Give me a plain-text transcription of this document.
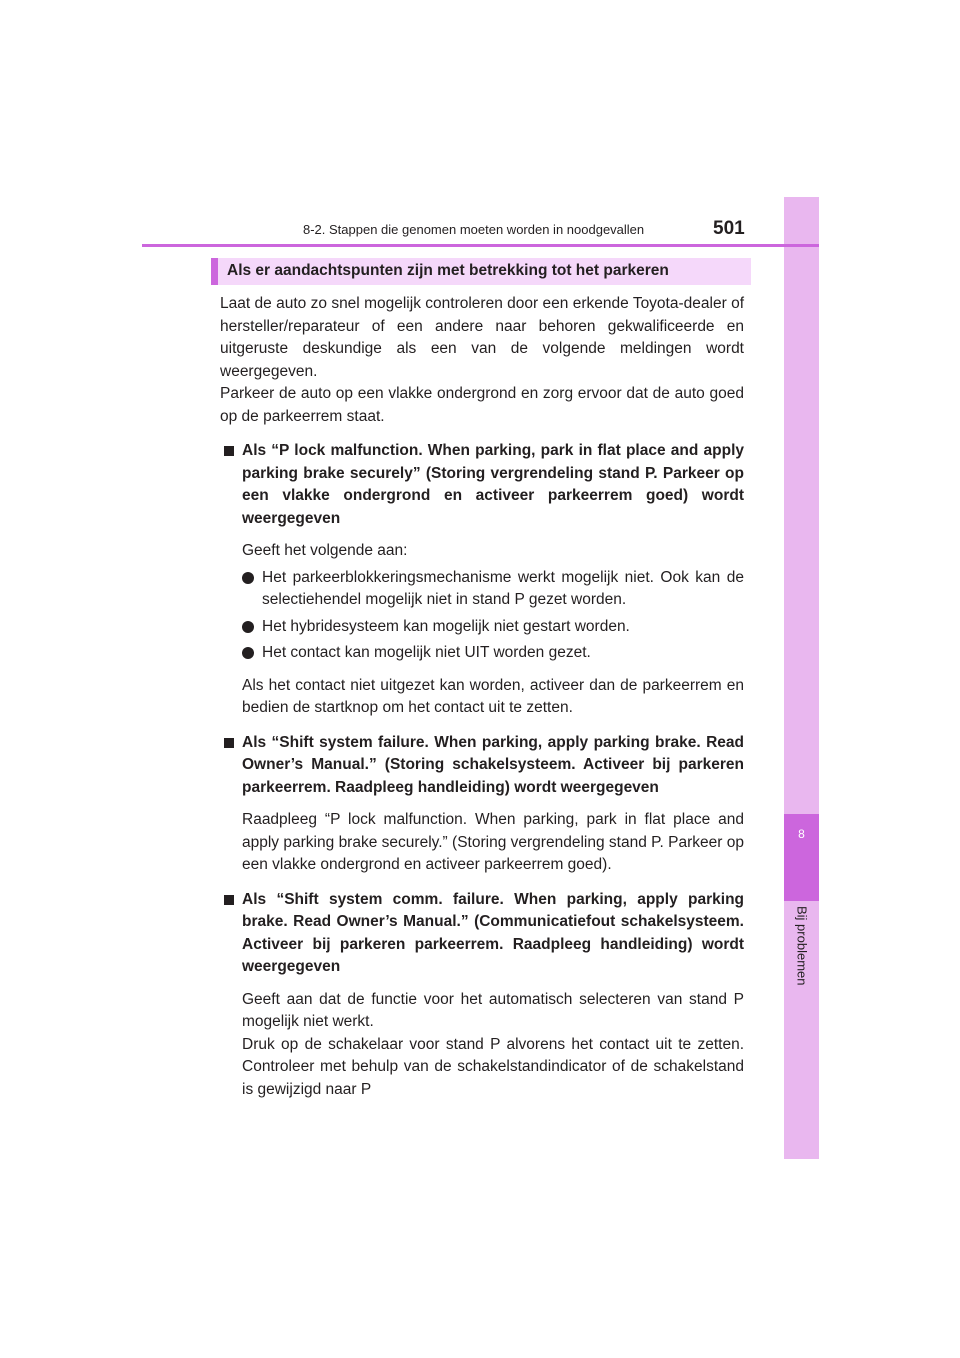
8
Bij problemen
8-2. Stappen die genomen moeten worden in noodgevallen	501
Als er aandachtspunten zijn met betrekking tot het parkeren

Laat de auto zo snel mogelijk controleren door een erkende Toyota-dealer of hersteller/reparateur of een andere naar behoren gekwalificeerde en uitgeruste deskundige als een van de volgende meldingen wordt weergegeven.

Parkeer de auto op een vlakke ondergrond en zorg ervoor dat de auto goed op de parkeerrem staat.

Als “P lock malfunction. When parking, park in flat place and apply parking brake securely” (Storing vergrendeling stand P. Parkeer op een vlakke ondergrond en activeer parkeerrem goed) wordt weergegeven

Geeft het volgende aan:

Het parkeerblokkeringsmechanisme werkt mogelijk niet. Ook kan de selectiehendel mogelijk niet in stand P gezet worden.

Het hybridesysteem kan mogelijk niet gestart worden.

Het contact kan mogelijk niet UIT worden gezet.

Als het contact niet uitgezet kan worden, activeer dan de parkeerrem en bedien de startknop om het contact uit te zetten.

Als “Shift system failure. When parking, apply parking brake. Read Owner’s Manual.” (Storing schakelsysteem. Activeer bij parkeren parkeerrem. Raadpleeg handleiding) wordt weergegeven

Raadpleeg “P lock malfunction. When parking, park in flat place and apply parking brake securely.” (Storing vergrendeling stand P. Parkeer op een vlakke ondergrond en activeer parkeerrem goed).

Als “Shift system comm. failure. When parking, apply parking brake. Read Owner’s Manual.” (Communicatiefout schakelsysteem. Activeer bij parkeren parkeerrem. Raadpleeg handleiding) wordt weergegeven

Geeft aan dat de functie voor het automatisch selecteren van stand P mogelijk niet werkt.

Druk op de schakelaar voor stand P alvorens het contact uit te zetten. Controleer met behulp van de schakelstandindicator of de schakelstand is gewijzigd naar P
